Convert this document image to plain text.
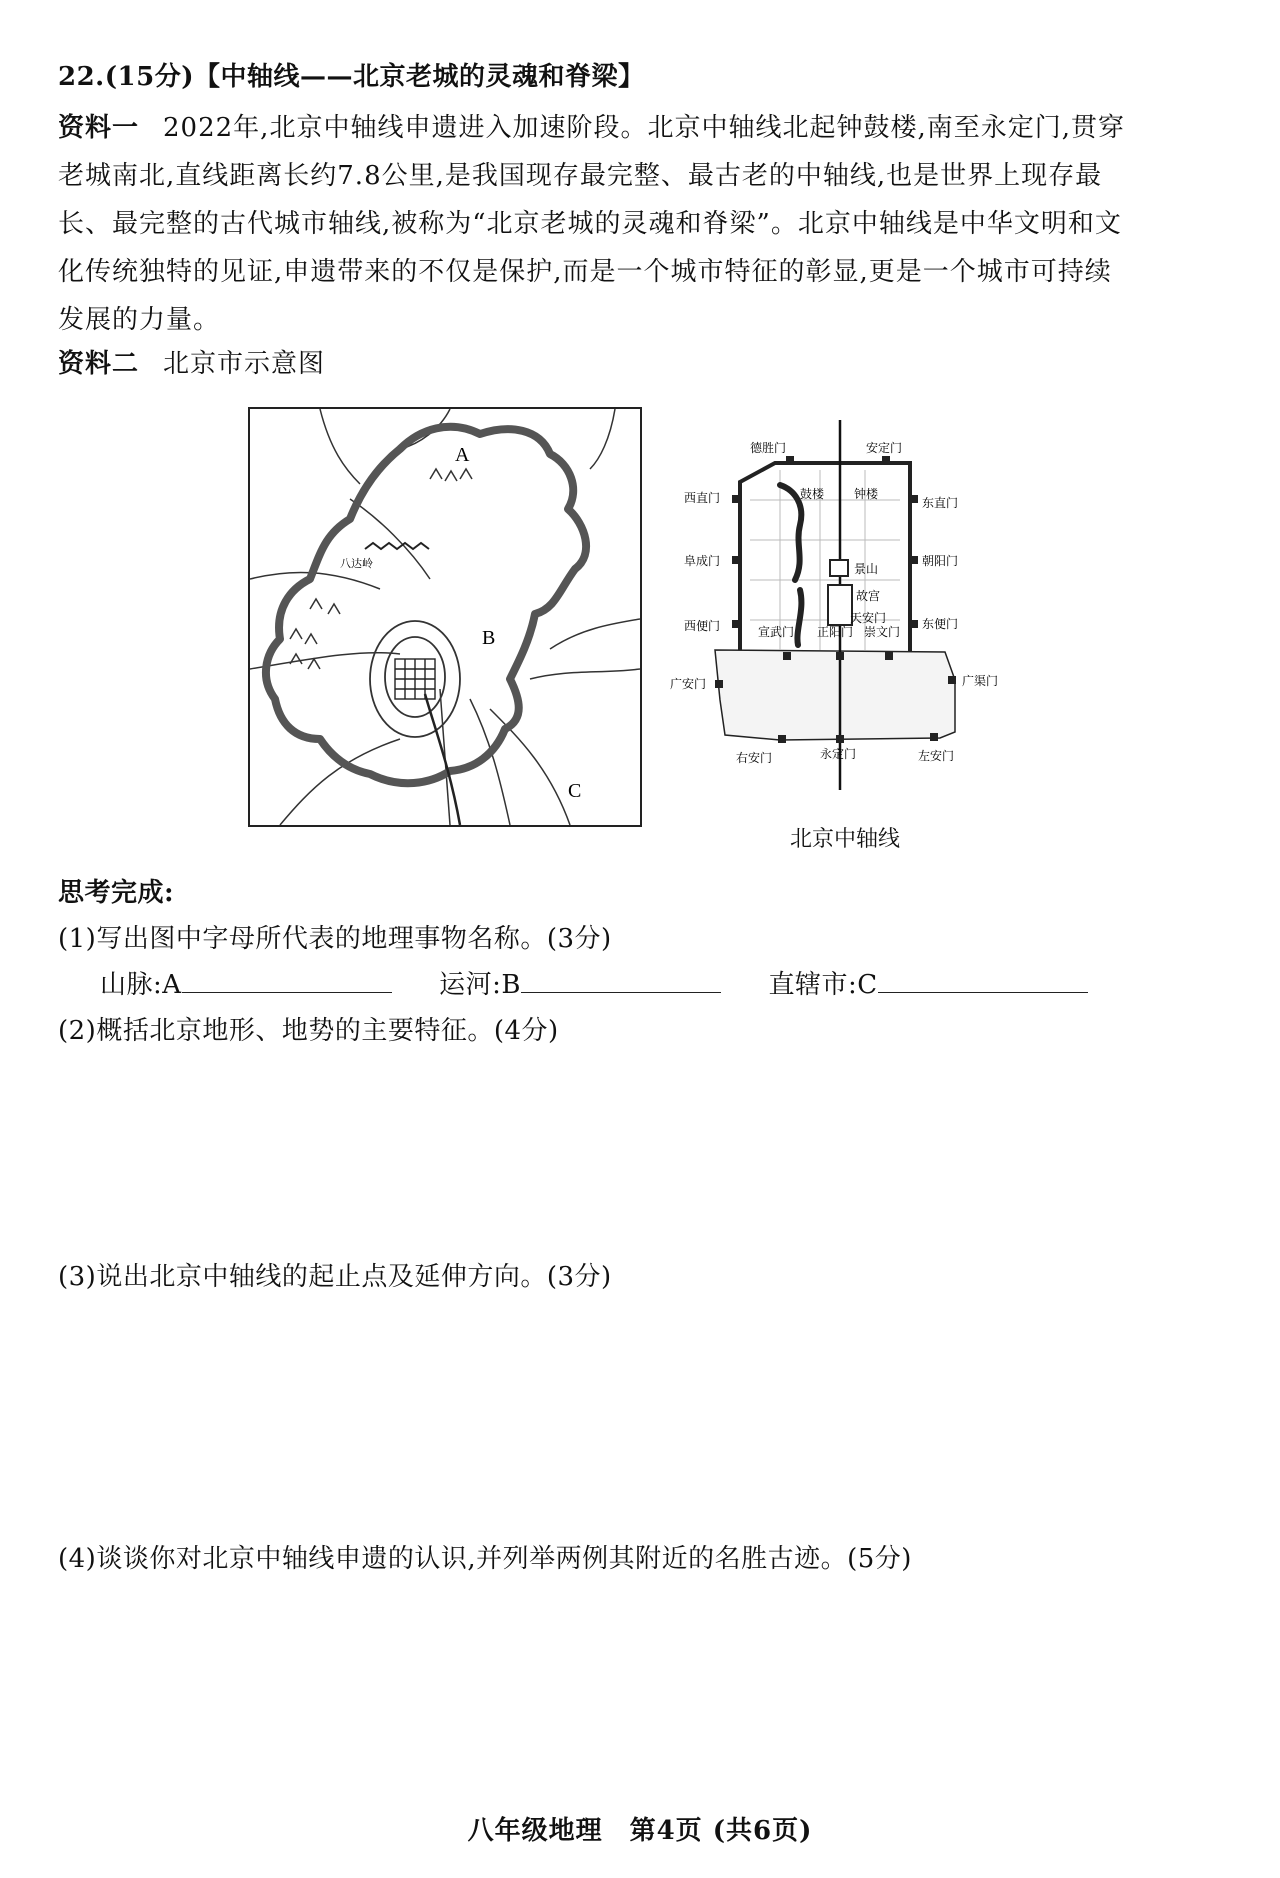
22.(15分)【中轴线——北京老城的灵魂和脊梁】
资料一 2022年,北京中轴线申遗进入加速阶段。北京中轴线北起钟鼓楼,南至永定门,贯穿
老城南北,直线距离长约7.8公里,是我国现存最完整、最古老的中轴线,也是世界上现存最
长、最完整的古代城市轴线,被称为“北京老城的灵魂和脊梁”。北京中轴线是中华文明和文
化传统独特的见证,申遗带来的不仅是保护,而是一个城市特征的彰显,更是一个城市可持续
发展的力量。
资料二 北京市示意图
A
B
C
八达岭
德胜门	安定门
西直门	东直门
阜成门	朝阳门
西便门	东便门
宣武门 正阳门 崇文门
广安门	广渠门
右安门	永定门	左安门
鼓楼 钟楼
景山
故宫
天安门
北京中轴线
思考完成:
(1)写出图中字母所代表的地理事物名称。(3分)
山脉:A	运河:B	直辖市:C
(2)概括北京地形、地势的主要特征。(4分)
(3)说出北京中轴线的起止点及延伸方向。(3分)
(4)谈谈你对北京中轴线申遗的认识,并列举两例其附近的名胜古迹。(5分)
八年级地理　第4页 (共6页)
